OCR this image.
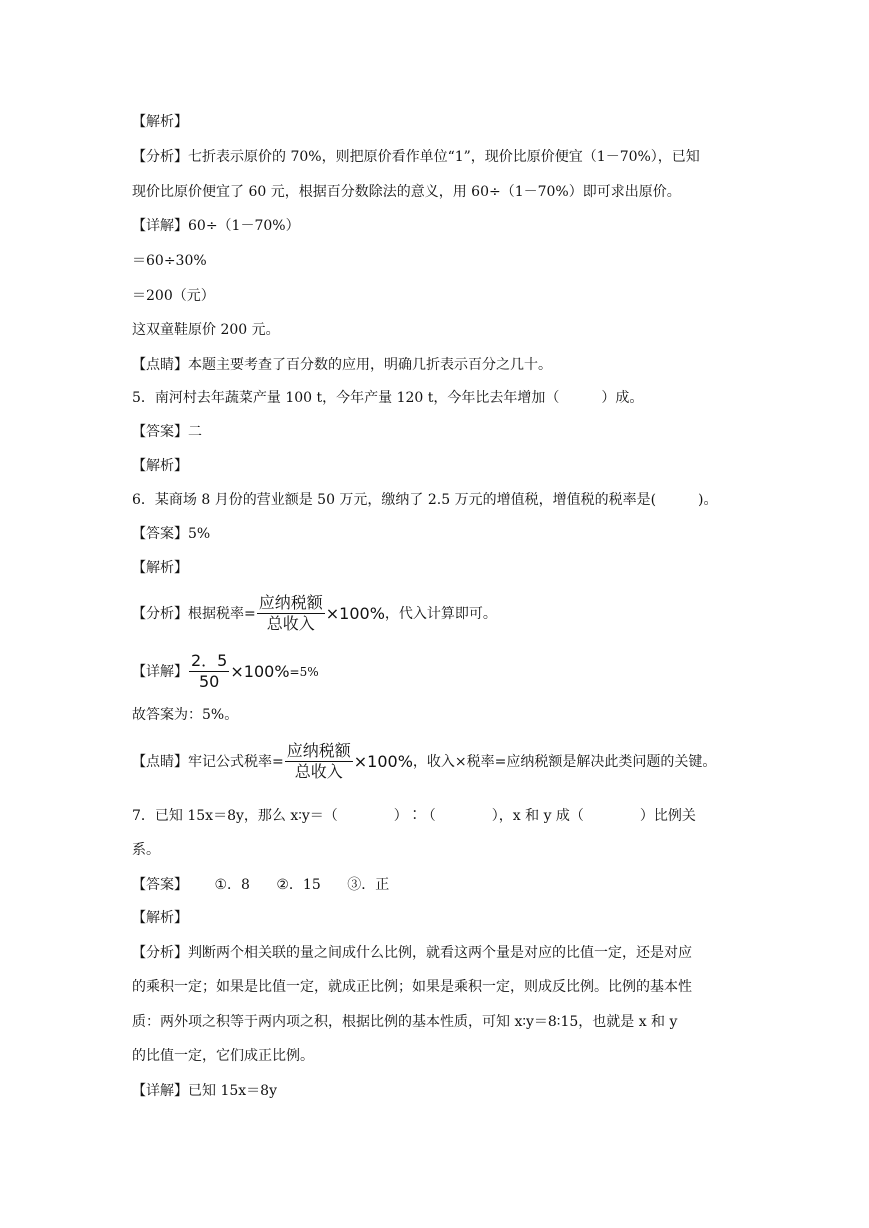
【解析】
【分析】七折表示原价的 70%，则把原价看作单位“1”，现价比原价便宜（1－70%），已知
现价比原价便宜了 60 元，根据百分数除法的意义，用 60÷（1－70%）即可求出原价。
【详解】60÷（1－70%）
＝60÷30%
＝200（元）
这双童鞋原价 200 元。
【点睛】本题主要考查了百分数的应用，明确几折表示百分之几十。
5．南河村去年蔬菜产量 100 t，今年产量 120 t，今年比去年增加（　　　）成。
【答案】二
【解析】
6．某商场 8 月份的营业额是 50 万元，缴纳了 2.5 万元的增值税，增值税的税率是(　　　)。
【答案】5%
【解析】
【分析】根据税率= $\frac{\text{应纳税额}}{\text{总收入}} \times 100\%$ ，代入计算即可。
【详解】 $\frac{2.5}{50} \times 100\% =5\%$
故答案为：5%。
【点睛】牢记公式税率= $\frac{\text{应纳税额}}{\text{总收入}} \times 100\%$ ，收入×税率=应纳税额是解决此类问题的关键。
7．已知 15x＝8y，那么 x∶y＝（　　　　）∶（　　　　），x 和 y 成（　　　　）比例关
系。
【答案】 ①．8 ②．15 ③．正
【解析】
【分析】判断两个相关联的量之间成什么比例，就看这两个量是对应的比值一定，还是对应
的乘积一定；如果是比值一定，就成正比例；如果是乘积一定，则成反比例。比例的基本性
质：两外项之积等于两内项之积，根据比例的基本性质，可知 x∶y＝8∶15，也就是 x 和 y
的比值一定，它们成正比例。
【详解】已知 15x＝8y
